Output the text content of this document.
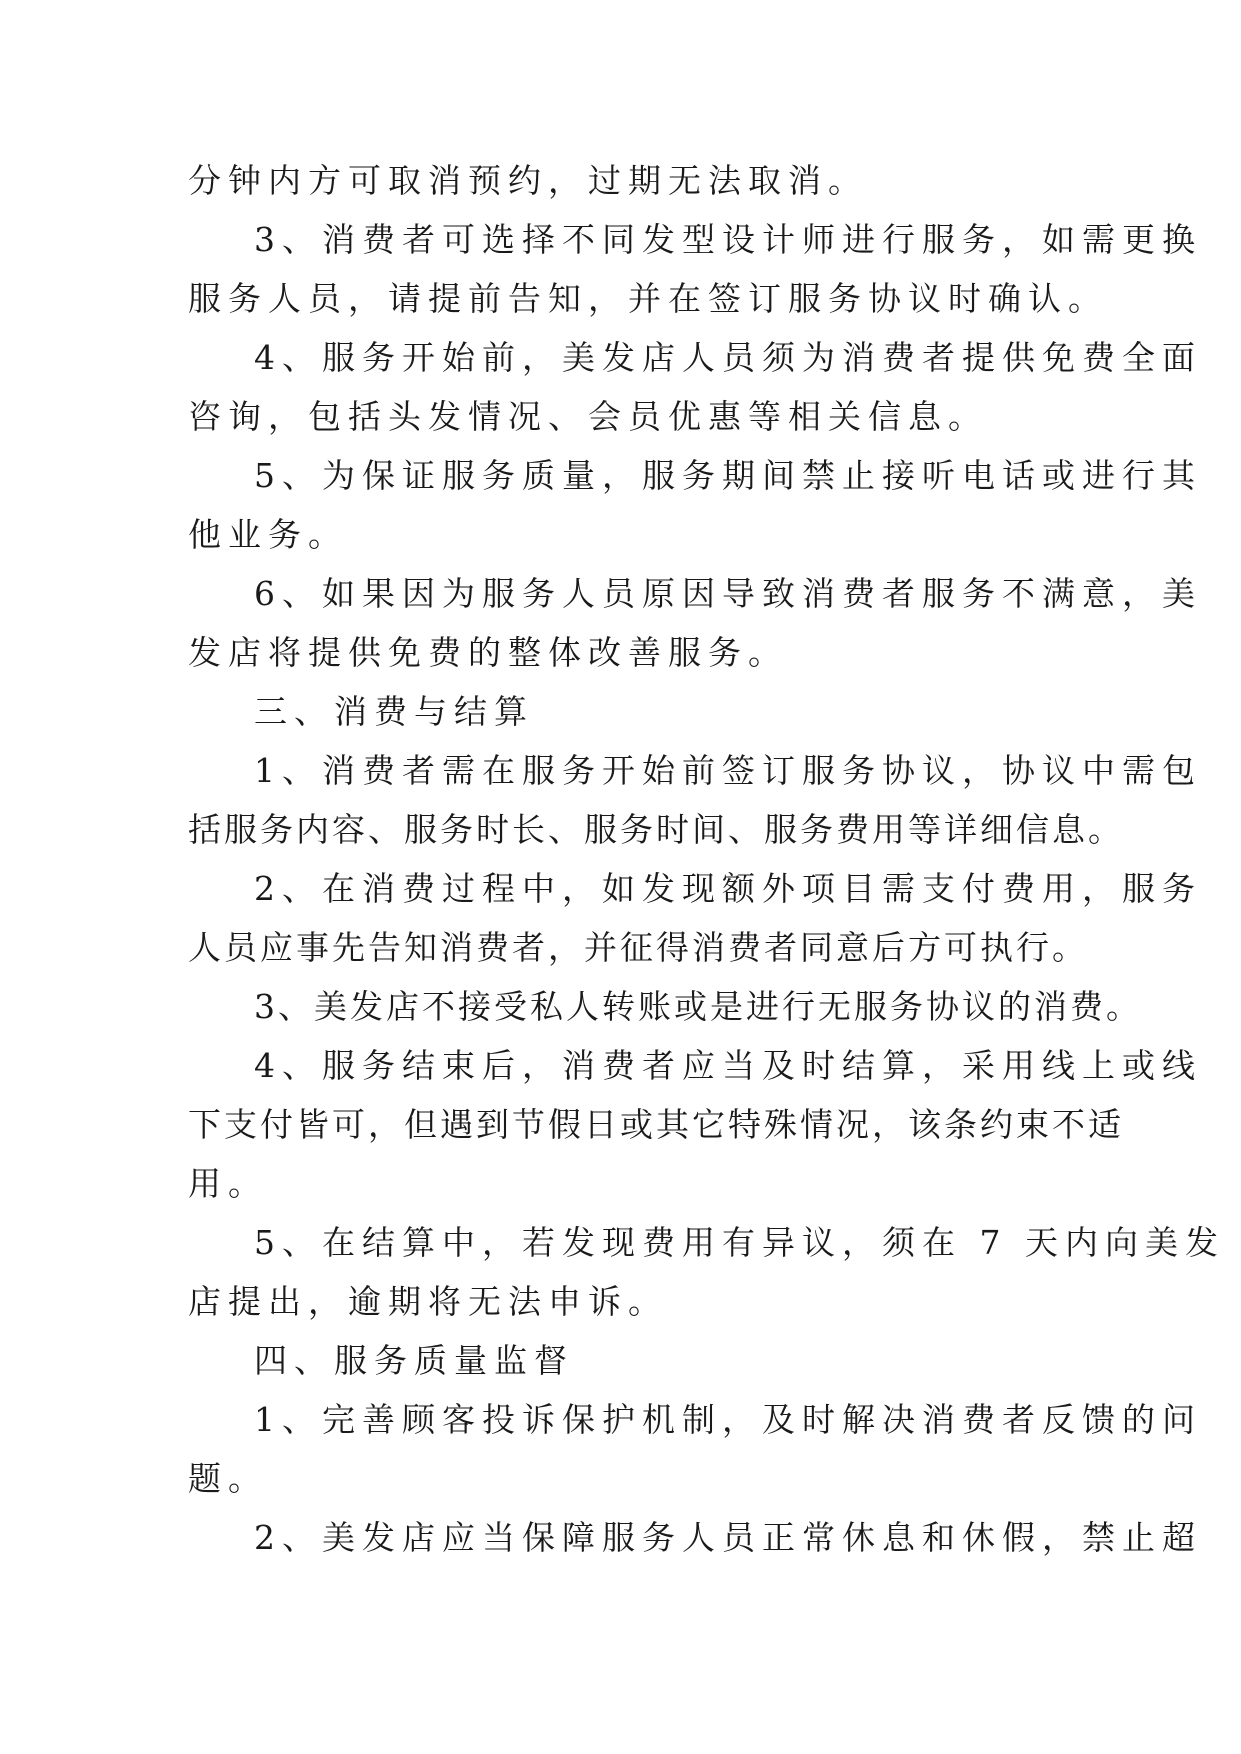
分钟内方可取消预约，过期无法取消。

3、消费者可选择不同发型设计师进行服务，如需更换

服务人员，请提前告知，并在签订服务协议时确认。

4、服务开始前，美发店人员须为消费者提供免费全面

咨询，包括头发情况、会员优惠等相关信息。

5、为保证服务质量，服务期间禁止接听电话或进行其

他业务。

6、如果因为服务人员原因导致消费者服务不满意，美

发店将提供免费的整体改善服务。

三、消费与结算

1、消费者需在服务开始前签订服务协议，协议中需包

括服务内容、服务时长、服务时间、服务费用等详细信息。

2、在消费过程中，如发现额外项目需支付费用，服务

人员应事先告知消费者，并征得消费者同意后方可执行。

3、美发店不接受私人转账或是进行无服务协议的消费。

4、服务结束后，消费者应当及时结算，采用线上或线

下支付皆可，但遇到节假日或其它特殊情况，该条约束不适

用。

5、在结算中，若发现费用有异议，须在 7 天内向美发

店提出，逾期将无法申诉。

四、服务质量监督

1、完善顾客投诉保护机制，及时解决消费者反馈的问

题。

2、美发店应当保障服务人员正常休息和休假，禁止超
